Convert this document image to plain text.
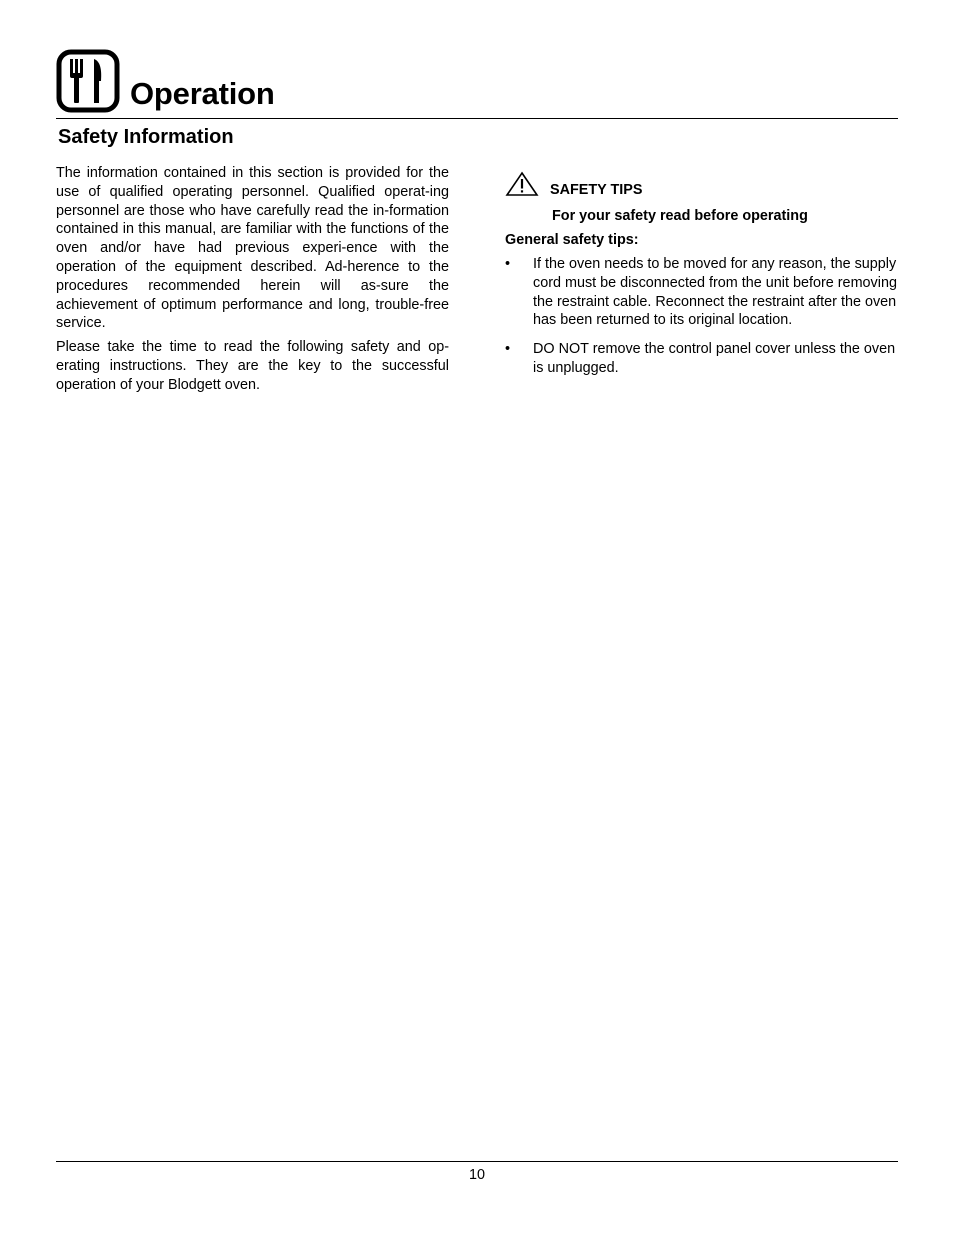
Operation
Safety Information

The information contained in this section is provided for the use of qualified operating personnel. Qualified operat-ing personnel are those who have carefully read the in-formation contained in this manual, are familiar with the functions of the oven and/or have had previous experi-ence with the operation of the equipment described. Ad-herence to the procedures recommended herein will as-sure the achievement of optimum performance and long, trouble-free service.

Please take the time to read the following safety and op-erating instructions. They are the key to the successful operation of your Blodgett oven.

SAFETY TIPS
For your safety read before operating
General safety tips:
• If the oven needs to be moved for any reason, the supply cord must be disconnected from the unit before removing the restraint cable. Reconnect the restraint after the oven has been returned to its original location.
• DO NOT remove the control panel cover unless the oven is unplugged.
10
